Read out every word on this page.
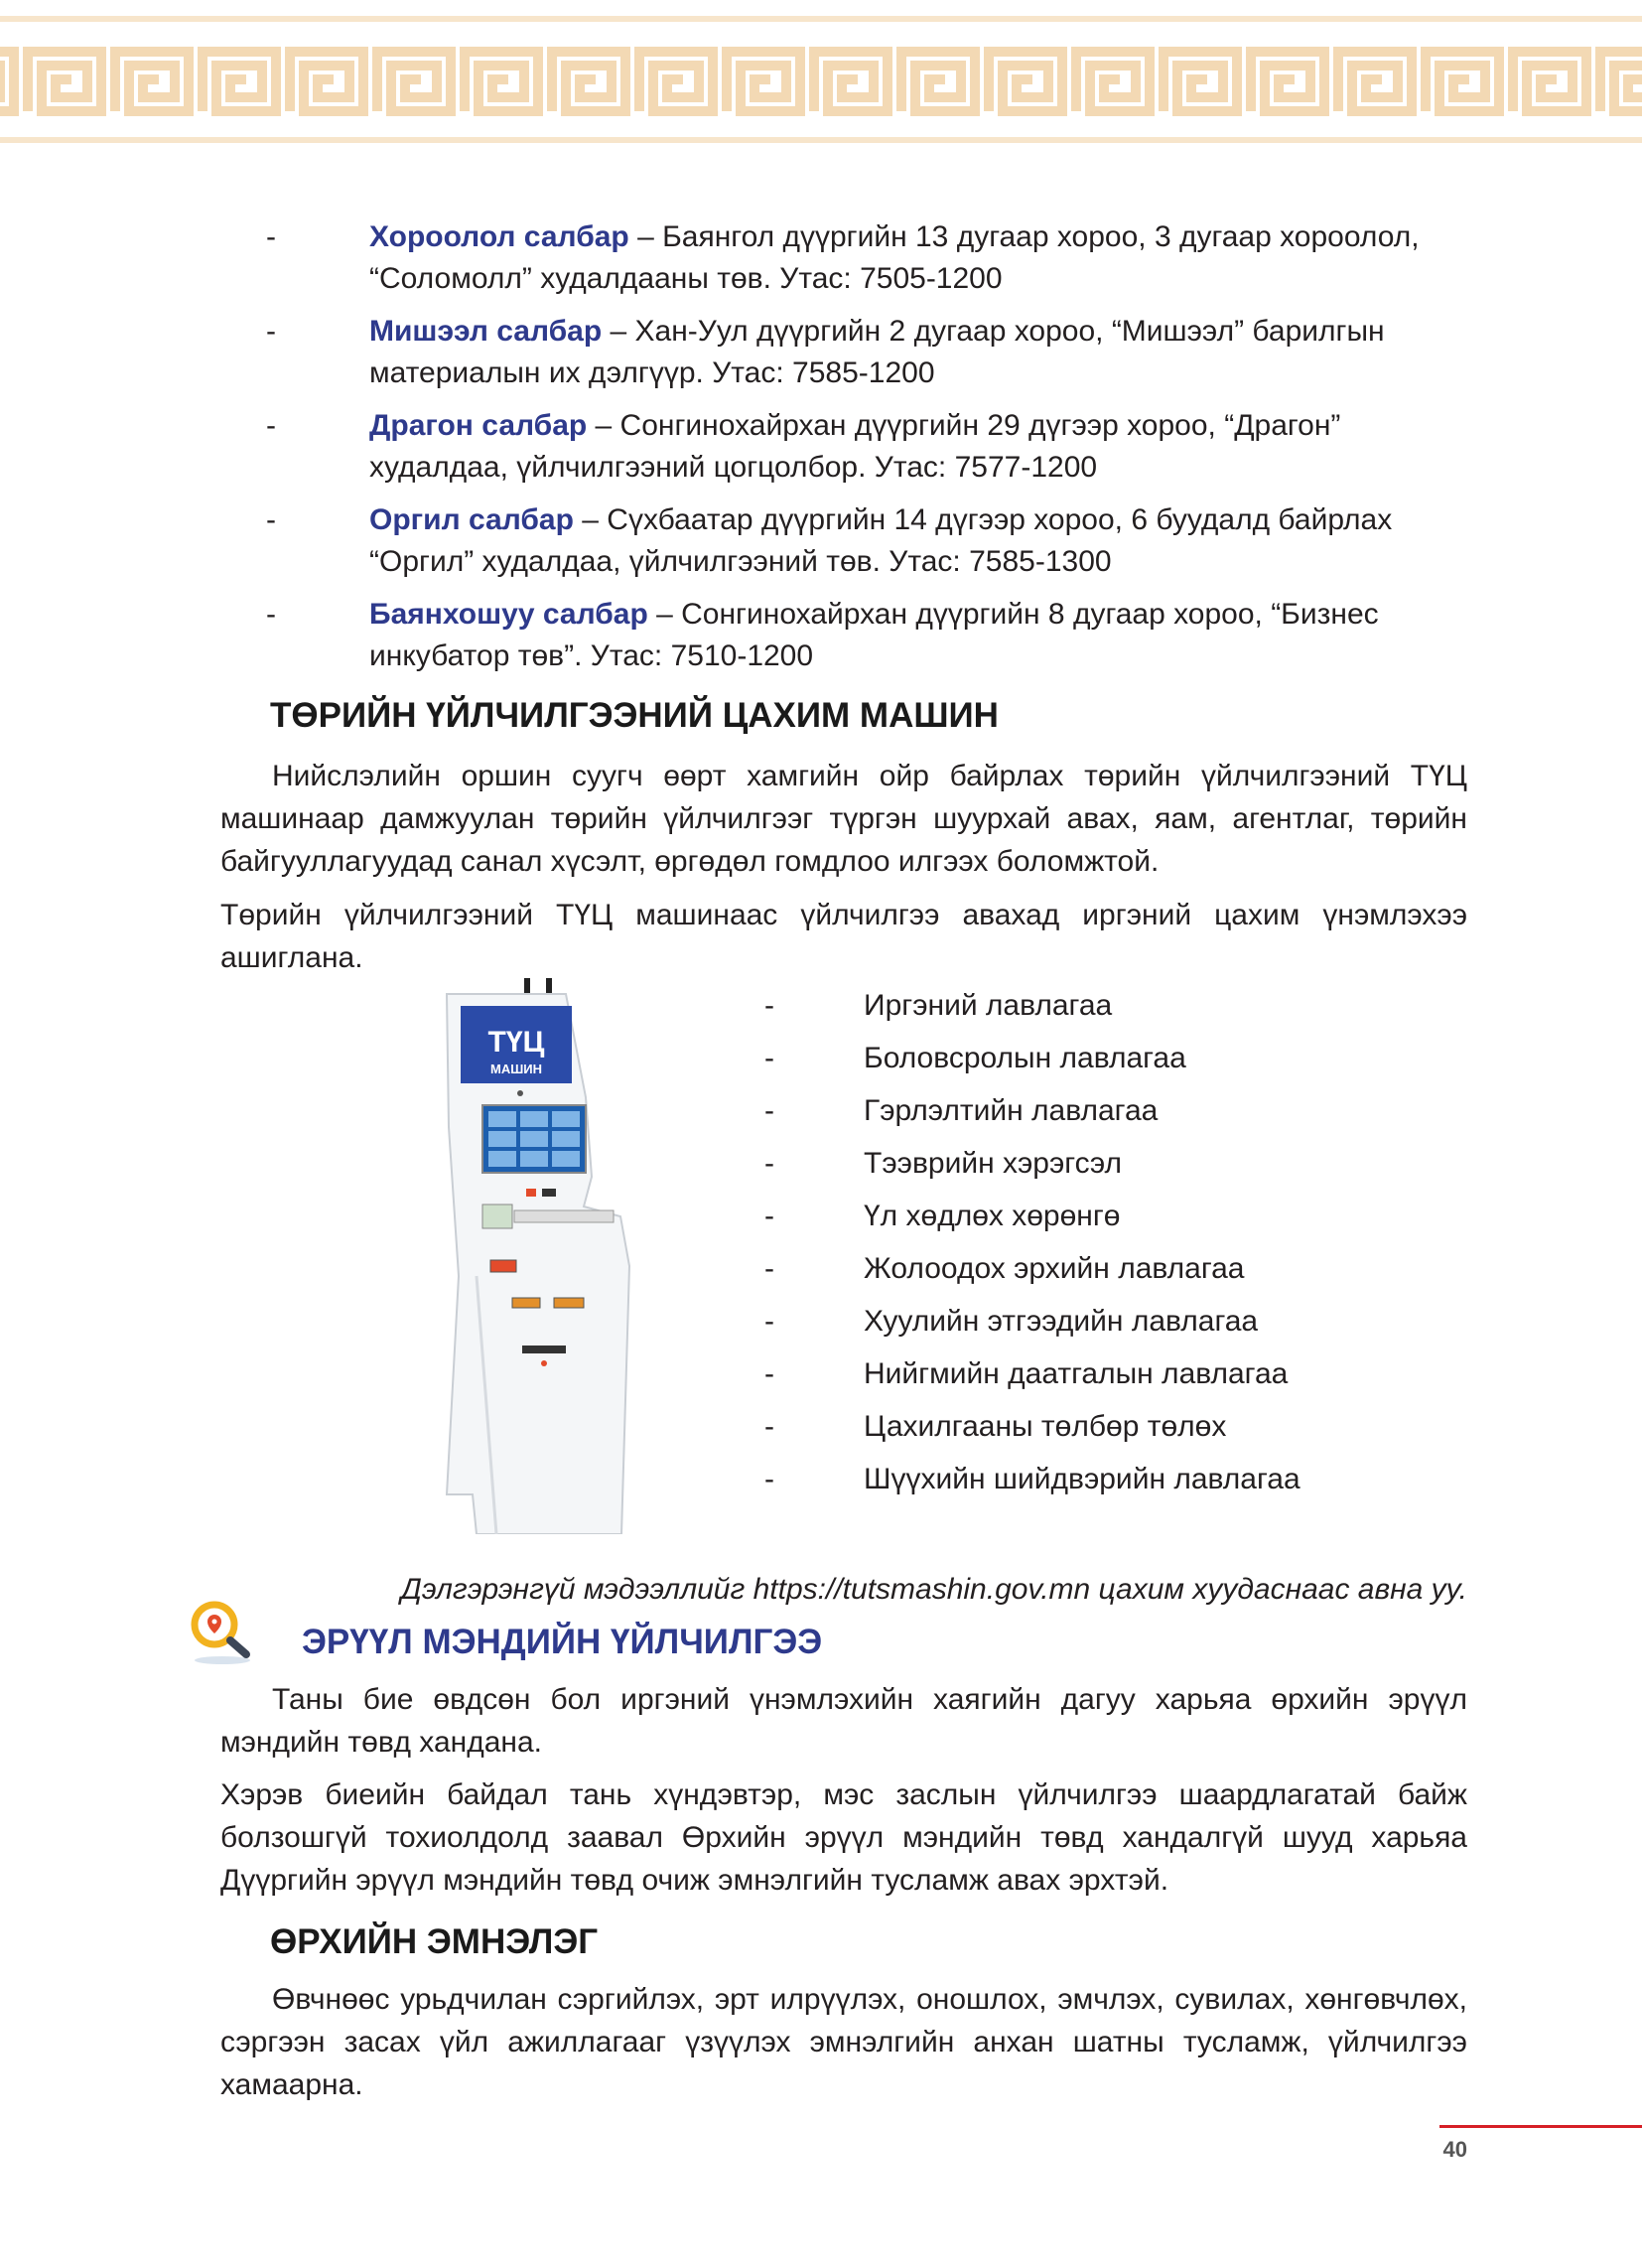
-	Хороолол салбар – Баянгол дүүргийн 13 дугаар хороо, 3 дугаар хороолол,
“Соломолл” худалдааны төв. Утас: 7505-1200
-	Мишээл салбар – Хан-Уул дүүргийн 2 дугаар хороо, “Мишээл” барилгын
материалын их дэлгүүр. Утас: 7585-1200
-	Драгон салбар – Сонгинохайрхан дүүргийн 29 дүгээр хороо, “Драгон”
худалдаа, үйлчилгээний цогцолбор. Утас: 7577-1200
-	Оргил салбар – Сүхбаатар дүүргийн 14 дүгээр хороо, 6 буудалд байрлах
“Оргил” худалдаа, үйлчилгээний төв. Утас: 7585-1300
-	Баянхошуу салбар – Сонгинохайрхан дүүргийн 8 дугаар хороо, “Бизнес
инкубатор төв”. Утас: 7510-1200
ТӨРИЙН ҮЙЛЧИЛГЭЭНИЙ ЦАХИМ МАШИН

Нийслэлийн оршин суугч өөрт хамгийн ойр байрлах төрийн үйлчилгээний ТҮЦ машинаар дамжуулан төрийн үйлчилгээг түргэн шуурхай авах, яам, агентлаг, төрийн байгууллагуудад санал хүсэлт, өргөдөл гомдлоо илгээх боломжтой.

Төрийн үйлчилгээний ТҮЦ машинаас үйлчилгээ авахад иргэний цахим үнэмлэхээ ашиглана.

ТҮЦ
МАШИН
-	Иргэний лавлагаа
-	Боловсролын лавлагаа
-	Гэрлэлтийн лавлагаа
-	Тээврийн хэрэгсэл
-	Үл хөдлөх хөрөнгө
-	Жолоодох эрхийн лавлагаа
-	Хуулийн этгээдийн лавлагаа
-	Нийгмийн даатгалын лавлагаа
-	Цахилгааны төлбөр төлөх
-	Шүүхийн шийдвэрийн лавлагаа
Дэлгэрэнгүй мэдээллийг https://tutsmashin.gov.mn цахим хуудаснаас авна уу.
ЭРҮҮЛ МЭНДИЙН ҮЙЛЧИЛГЭЭ

Таны бие өвдсөн бол иргэний үнэмлэхийн хаягийн дагуу харьяа өрхийн эрүүл мэндийн төвд хандана.

Хэрэв биеийн байдал тань хүндэвтэр, мэс заслын үйлчилгээ шаардлагатай байж болзошгүй тохиолдолд заавал Өрхийн эрүүл мэндийн төвд хандалгүй шууд харьяа Дүүргийн эрүүл мэндийн төвд очиж эмнэлгийн тусламж авах эрхтэй.

ӨРХИЙН ЭМНЭЛЭГ

Өвчнөөс урьдчилан сэргийлэх, эрт илрүүлэх, оношлох, эмчлэх, сувилах, хөнгөвчлөх, сэргээн засах үйл ажиллагааг үзүүлэх эмнэлгийн анхан шатны тусламж, үйлчилгээ хамаарна.

40
